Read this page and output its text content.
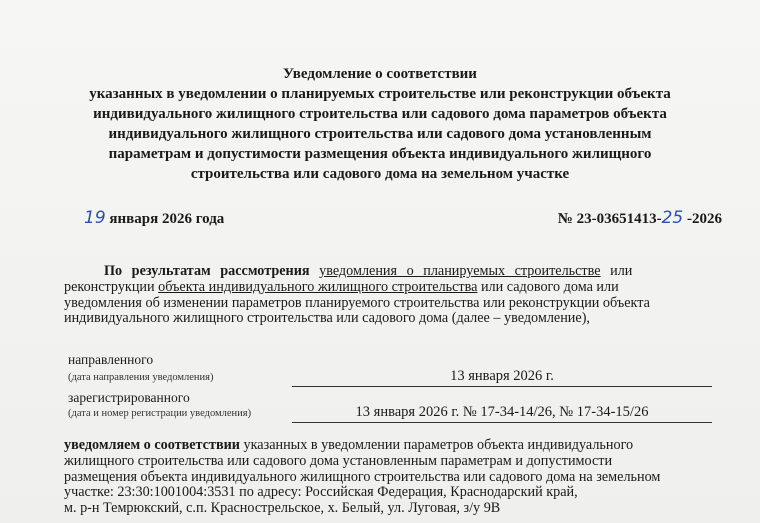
Уведомление о соответствии
указанных в уведомлении о планируемых строительстве или реконструкции объекта
индивидуального жилищного строительства или садового дома параметров объекта
индивидуального жилищного строительства или садового дома установленным
параметрам и допустимости размещения объекта индивидуального жилищного
строительства или садового дома на земельном участке
19 января 2026 года	№ 23-03651413-25 -2026
По результатам рассмотрения уведомления о планируемых строительстве или
реконструкции объекта индивидуального жилищного строительства или садового дома или
уведомления об изменении параметров планируемого строительства или реконструкции объекта
индивидуального жилищного строительства или садового дома (далее – уведомление),
направленного
(дата направления уведомления)	13 января 2026 г.
зарегистрированного
(дата и номер регистрации уведомления)	13 января 2026 г. № 17-34-14/26, № 17-34-15/26
уведомляем о соответствии указанных в уведомлении параметров объекта индивидуального
жилищного строительства или садового дома установленным параметрам и допустимости
размещения объекта индивидуального жилищного строительства или садового дома на земельном
участке: 23:30:1001004:3531 по адресу: Российская Федерация, Краснодарский край,
м. р-н Темрюкский, с.п. Краснострельское, х. Белый, ул. Луговая, з/у 9В
